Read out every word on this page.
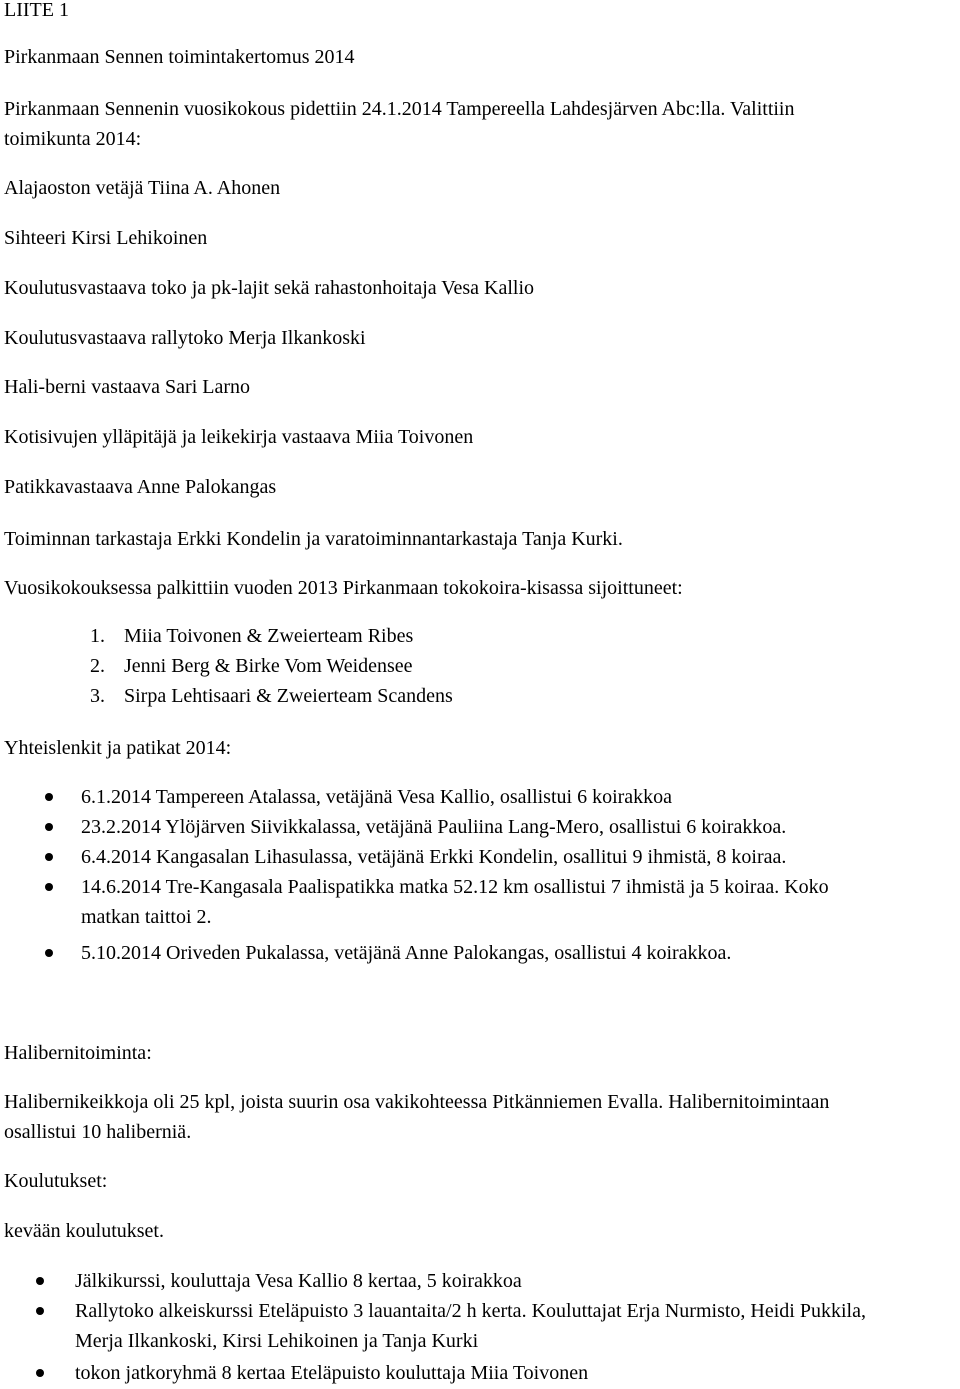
LIITE 1

Pirkanmaan Sennen toimintakertomus 2014

Pirkanmaan Sennenin vuosikokous pidettiin 24.1.2014 Tampereella Lahdesjärven Abc:lla. Valittiin

toimikunta 2014:

Alajaoston vetäjä Tiina A. Ahonen

Sihteeri Kirsi Lehikoinen

Koulutusvastaava toko ja pk-lajit sekä rahastonhoitaja Vesa Kallio

Koulutusvastaava rallytoko Merja Ilkankoski

Hali-berni vastaava Sari Larno

Kotisivujen ylläpitäjä ja leikekirja vastaava Miia Toivonen

Patikkavastaava Anne Palokangas

Toiminnan tarkastaja Erkki Kondelin ja varatoiminnantarkastaja Tanja Kurki.

Vuosikokouksessa palkittiin vuoden 2013 Pirkanmaan tokokoira-kisassa sijoittuneet:

1. Miia Toivonen & Zweierteam Ribes
2. Jenni Berg & Birke Vom Weidensee
3. Sirpa Lehtisaari & Zweierteam Scandens

Yhteislenkit ja patikat 2014:

6.1.2014 Tampereen Atalassa, vetäjänä Vesa Kallio, osallistui 6 koirakkoa

23.2.2014 Ylöjärven Siivikkalassa, vetäjänä Pauliina Lang-Mero, osallistui 6 koirakkoa.

6.4.2014 Kangasalan Lihasulassa, vetäjänä Erkki Kondelin, osallitui 9 ihmistä, 8 koiraa.

14.6.2014 Tre-Kangasala Paalispatikka matka 52.12 km osallistui 7 ihmistä ja 5 koiraa. Koko

matkan taittoi 2.

5.10.2014 Oriveden Pukalassa, vetäjänä Anne Palokangas, osallistui 4 koirakkoa.

Halibernitoiminta:

Halibernikeikkoja oli 25 kpl, joista suurin osa vakikohteessa Pitkänniemen Evalla. Halibernitoimintaan

osallistui 10 haliberniä.

Koulutukset:

kevään koulutukset.

Jälkikurssi, kouluttaja Vesa Kallio 8 kertaa, 5 koirakkoa

Rallytoko alkeiskurssi Eteläpuisto 3 lauantaita/2 h kerta. Kouluttajat Erja Nurmisto, Heidi Pukkila,

Merja Ilkankoski, Kirsi Lehikoinen ja Tanja Kurki

tokon jatkoryhmä 8 kertaa Eteläpuisto kouluttaja Miia Toivonen
